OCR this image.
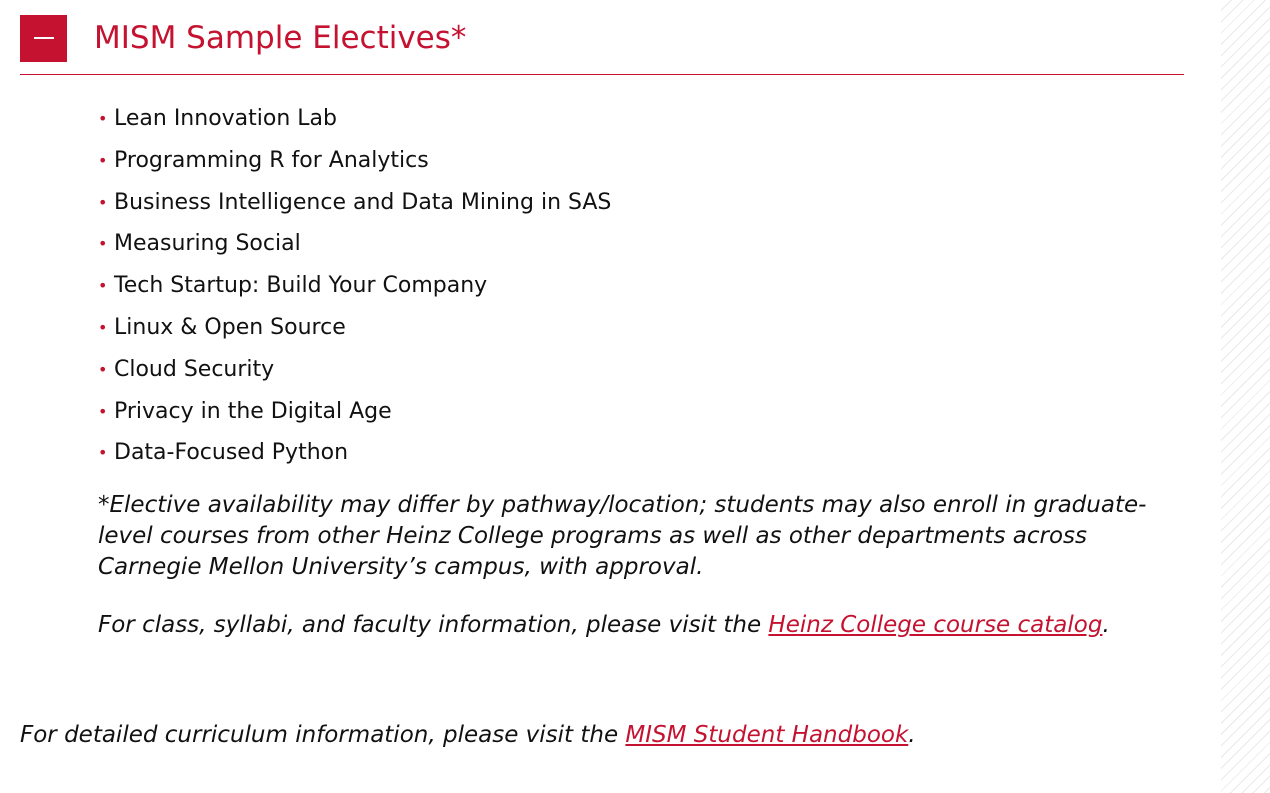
MISM Sample Electives*
• Lean Innovation Lab
• Programming R for Analytics
• Business Intelligence and Data Mining in SAS
• Measuring Social
• Tech Startup: Build Your Company
• Linux & Open Source
• Cloud Security
• Privacy in the Digital Age
• Data-Focused Python

*Elective availability may differ by pathway/location; students may also enroll in graduate-level courses from other Heinz College programs as well as other departments across Carnegie Mellon University’s campus, with approval.

For class, syllabi, and faculty information, please visit the Heinz College course catalog.

For detailed curriculum information, please visit the MISM Student Handbook.
